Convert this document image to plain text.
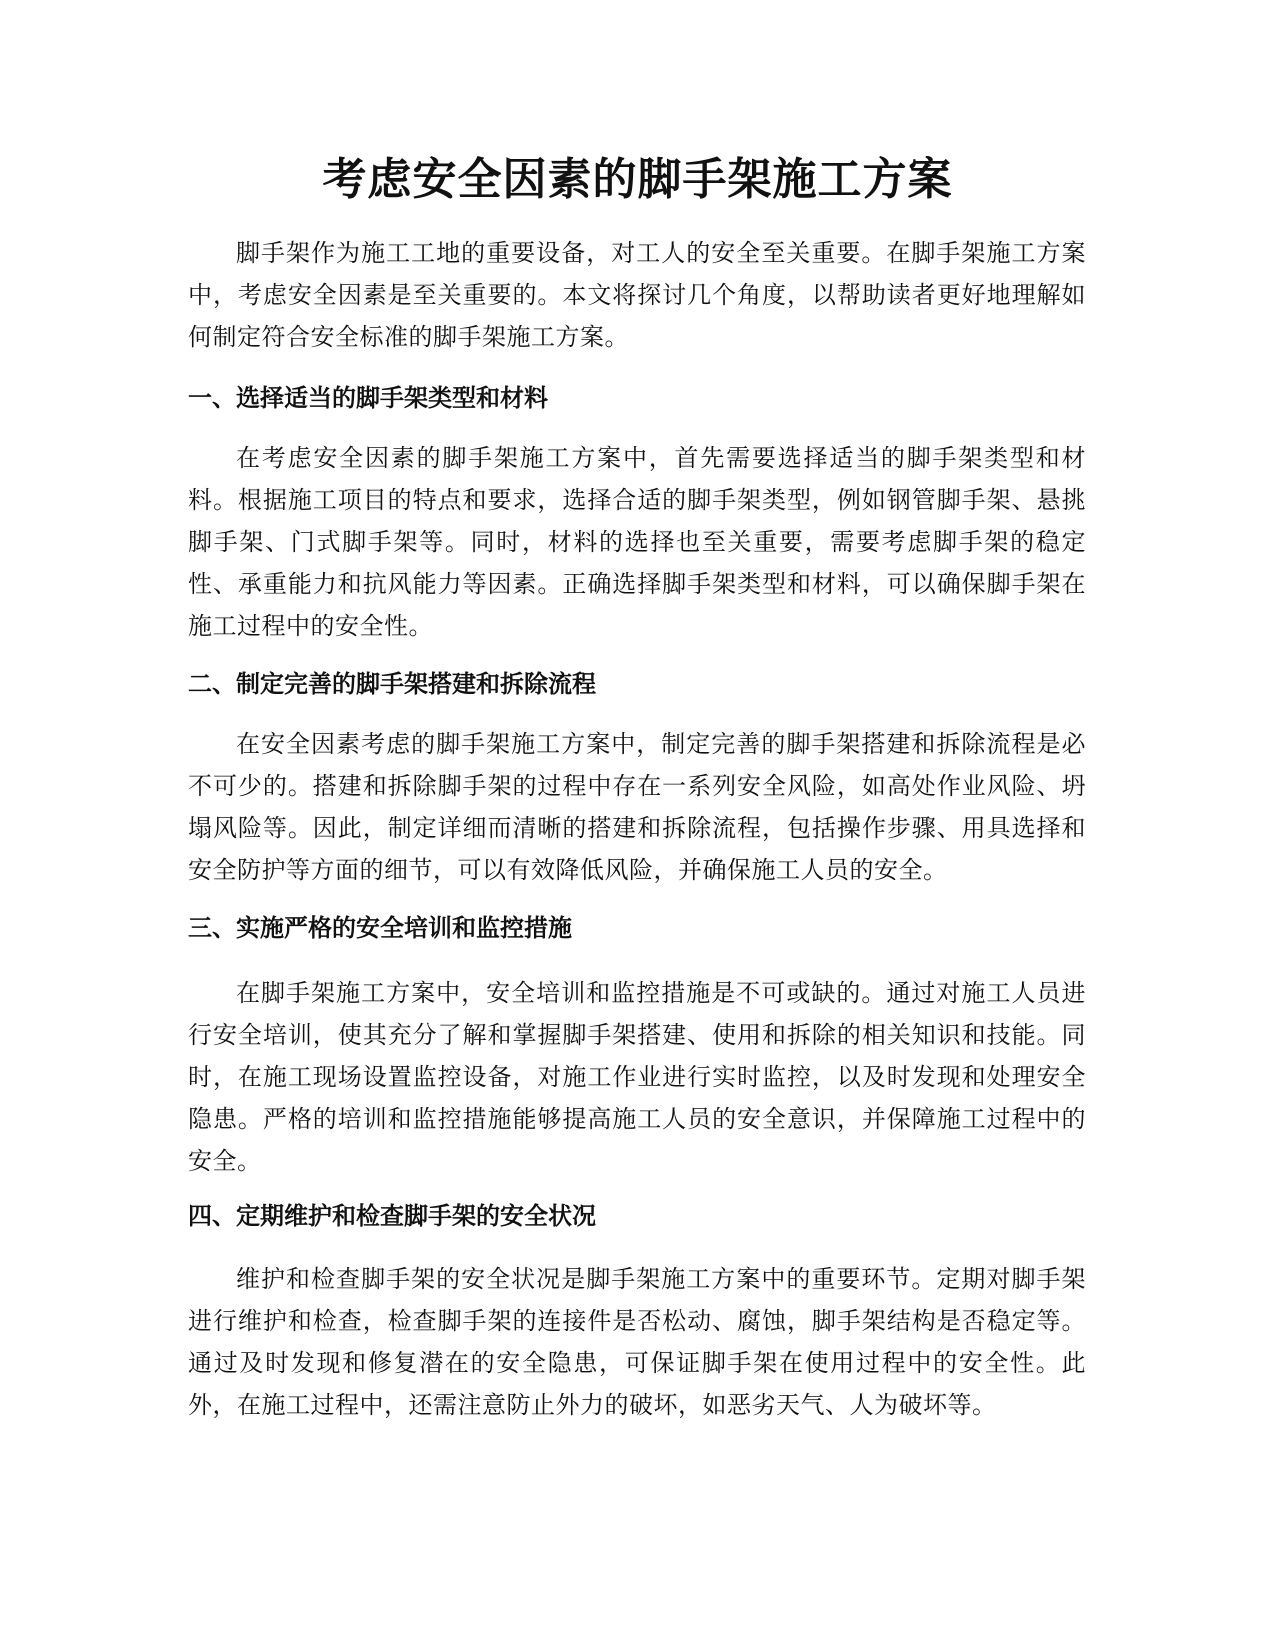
考虑安全因素的脚手架施工方案

脚手架作为施工工地的重要设备，对工人的安全至关重要。在脚手架施工方案中，考虑安全因素是至关重要的。本文将探讨几个角度，以帮助读者更好地理解如何制定符合安全标准的脚手架施工方案。

一、选择适当的脚手架类型和材料

在考虑安全因素的脚手架施工方案中，首先需要选择适当的脚手架类型和材料。根据施工项目的特点和要求，选择合适的脚手架类型，例如钢管脚手架、悬挑脚手架、门式脚手架等。同时，材料的选择也至关重要，需要考虑脚手架的稳定性、承重能力和抗风能力等因素。正确选择脚手架类型和材料，可以确保脚手架在施工过程中的安全性。

二、制定完善的脚手架搭建和拆除流程

在安全因素考虑的脚手架施工方案中，制定完善的脚手架搭建和拆除流程是必不可少的。搭建和拆除脚手架的过程中存在一系列安全风险，如高处作业风险、坍塌风险等。因此，制定详细而清晰的搭建和拆除流程，包括操作步骤、用具选择和安全防护等方面的细节，可以有效降低风险，并确保施工人员的安全。

三、实施严格的安全培训和监控措施

在脚手架施工方案中，安全培训和监控措施是不可或缺的。通过对施工人员进行安全培训，使其充分了解和掌握脚手架搭建、使用和拆除的相关知识和技能。同时，在施工现场设置监控设备，对施工作业进行实时监控，以及时发现和处理安全隐患。严格的培训和监控措施能够提高施工人员的安全意识，并保障施工过程中的安全。

四、定期维护和检查脚手架的安全状况

维护和检查脚手架的安全状况是脚手架施工方案中的重要环节。定期对脚手架进行维护和检查，检查脚手架的连接件是否松动、腐蚀，脚手架结构是否稳定等。通过及时发现和修复潜在的安全隐患，可保证脚手架在使用过程中的安全性。此外，在施工过程中，还需注意防止外力的破坏，如恶劣天气、人为破坏等。
